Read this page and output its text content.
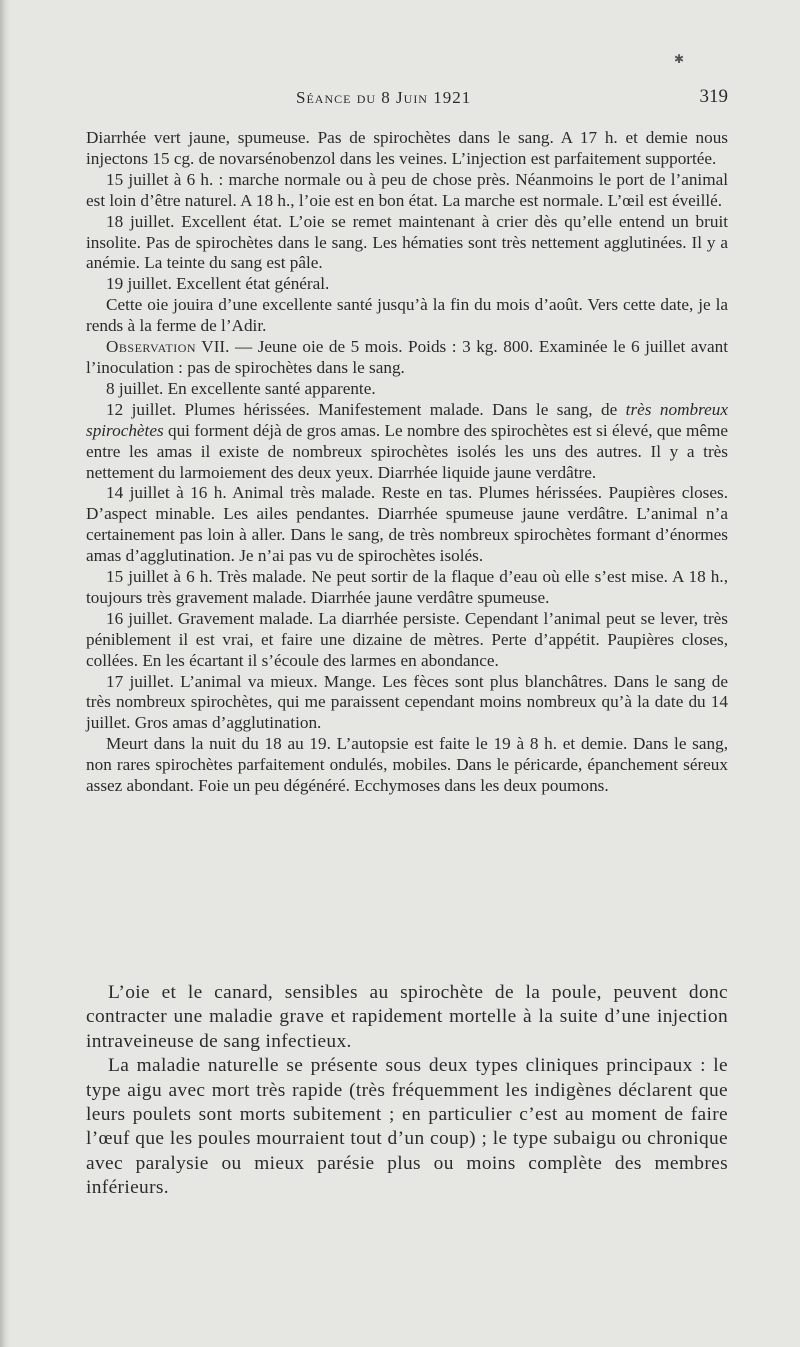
✱
Séance du 8 Juin 1921	319

Diarrhée vert jaune, spumeuse. Pas de spirochètes dans le sang. A 17 h. et demie nous injectons 15 cg. de novarsénobenzol dans les veines. L’injection est parfaitement supportée.

15 juillet à 6 h. : marche normale ou à peu de chose près. Néanmoins le port de l’animal est loin d’être naturel. A 18 h., l’oie est en bon état. La marche est normale. L’œil est éveillé.

18 juillet. Excellent état. L’oie se remet maintenant à crier dès qu’elle entend un bruit insolite. Pas de spirochètes dans le sang. Les hématies sont très nettement agglutinées. Il y a anémie. La teinte du sang est pâle.

19 juillet. Excellent état général.

Cette oie jouira d’une excellente santé jusqu’à la fin du mois d’août. Vers cette date, je la rends à la ferme de l’Adir.

Observation VII. — Jeune oie de 5 mois. Poids : 3 kg. 800. Examinée le 6 juillet avant l’inoculation : pas de spirochètes dans le sang.

8 juillet. En excellente santé apparente.

12 juillet. Plumes hérissées. Manifestement malade. Dans le sang, de très nombreux spirochètes qui forment déjà de gros amas. Le nombre des spirochètes est si élevé, que même entre les amas il existe de nombreux spirochètes isolés les uns des autres. Il y a très nettement du larmoiement des deux yeux. Diarrhée liquide jaune verdâtre.

14 juillet à 16 h. Animal très malade. Reste en tas. Plumes hérissées. Paupières closes. D’aspect minable. Les ailes pendantes. Diarrhée spumeuse jaune verdâtre. L’animal n’a certainement pas loin à aller. Dans le sang, de très nombreux spirochètes formant d’énormes amas d’agglutination. Je n’ai pas vu de spirochètes isolés.

15 juillet à 6 h. Très malade. Ne peut sortir de la flaque d’eau où elle s’est mise. A 18 h., toujours très gravement malade. Diarrhée jaune verdâtre spumeuse.

16 juillet. Gravement malade. La diarrhée persiste. Cependant l’animal peut se lever, très péniblement il est vrai, et faire une dizaine de mètres. Perte d’appétit. Paupières closes, collées. En les écartant il s’écoule des larmes en abondance.

17 juillet. L’animal va mieux. Mange. Les fèces sont plus blanchâtres. Dans le sang de très nombreux spirochètes, qui me paraissent cependant moins nombreux qu’à la date du 14 juillet. Gros amas d’agglutination.

Meurt dans la nuit du 18 au 19. L’autopsie est faite le 19 à 8 h. et demie. Dans le sang, non rares spirochètes parfaitement ondulés, mobiles. Dans le péricarde, épanchement séreux assez abondant. Foie un peu dégénéré. Ecchymoses dans les deux poumons.

L’oie et le canard, sensibles au spirochète de la poule, peuvent donc contracter une maladie grave et rapidement mortelle à la suite d’une injection intraveineuse de sang infectieux.

La maladie naturelle se présente sous deux types cliniques principaux : le type aigu avec mort très rapide (très fréquemment les indigènes déclarent que leurs poulets sont morts subitement ; en particulier c’est au moment de faire l’œuf que les poules mourraient tout d’un coup) ; le type subaigu ou chronique avec paralysie ou mieux parésie plus ou moins complète des membres inférieurs.
